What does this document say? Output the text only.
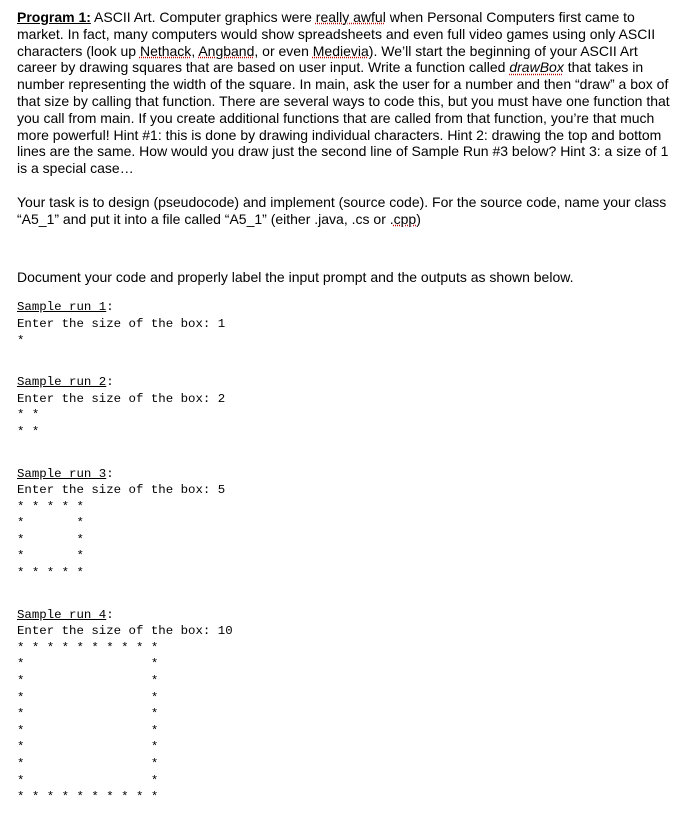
Program 1: ASCII Art. Computer graphics were really awful when Personal Computers first came to market. In fact, many computers would show spreadsheets and even full video games using only ASCII characters (look up Nethack, Angband, or even Medievia). We’ll start the beginning of your ASCII Art career by drawing squares that are based on user input. Write a function called drawBox that takes in number representing the width of the square. In main, ask the user for a number and then “draw” a box of that size by calling that function. There are several ways to code this, but you must have one function that you call from main. If you create additional functions that are called from that function, you’re that much more powerful! Hint #1: this is done by drawing individual characters. Hint 2: drawing the top and bottom lines are the same. How would you draw just the second line of Sample Run #3 below? Hint 3: a size of 1 is a special case…

Your task is to design (pseudocode) and implement (source code). For the source code, name your class “A5_1” and put it into a file called “A5_1” (either .java, .cs or .cpp)

Document your code and properly label the input prompt and the outputs as shown below.

Sample run 1:
Enter the size of the box: 1
*
Sample run 2:
Enter the size of the box: 2
* *
* *
Sample run 3:
Enter the size of the box: 5
* * * * *
*       *
*       *
*       *
* * * * *
Sample run 4:
Enter the size of the box: 10
* * * * * * * * * *
*                 *
*                 *
*                 *
*                 *
*                 *
*                 *
*                 *
*                 *
* * * * * * * * * *
